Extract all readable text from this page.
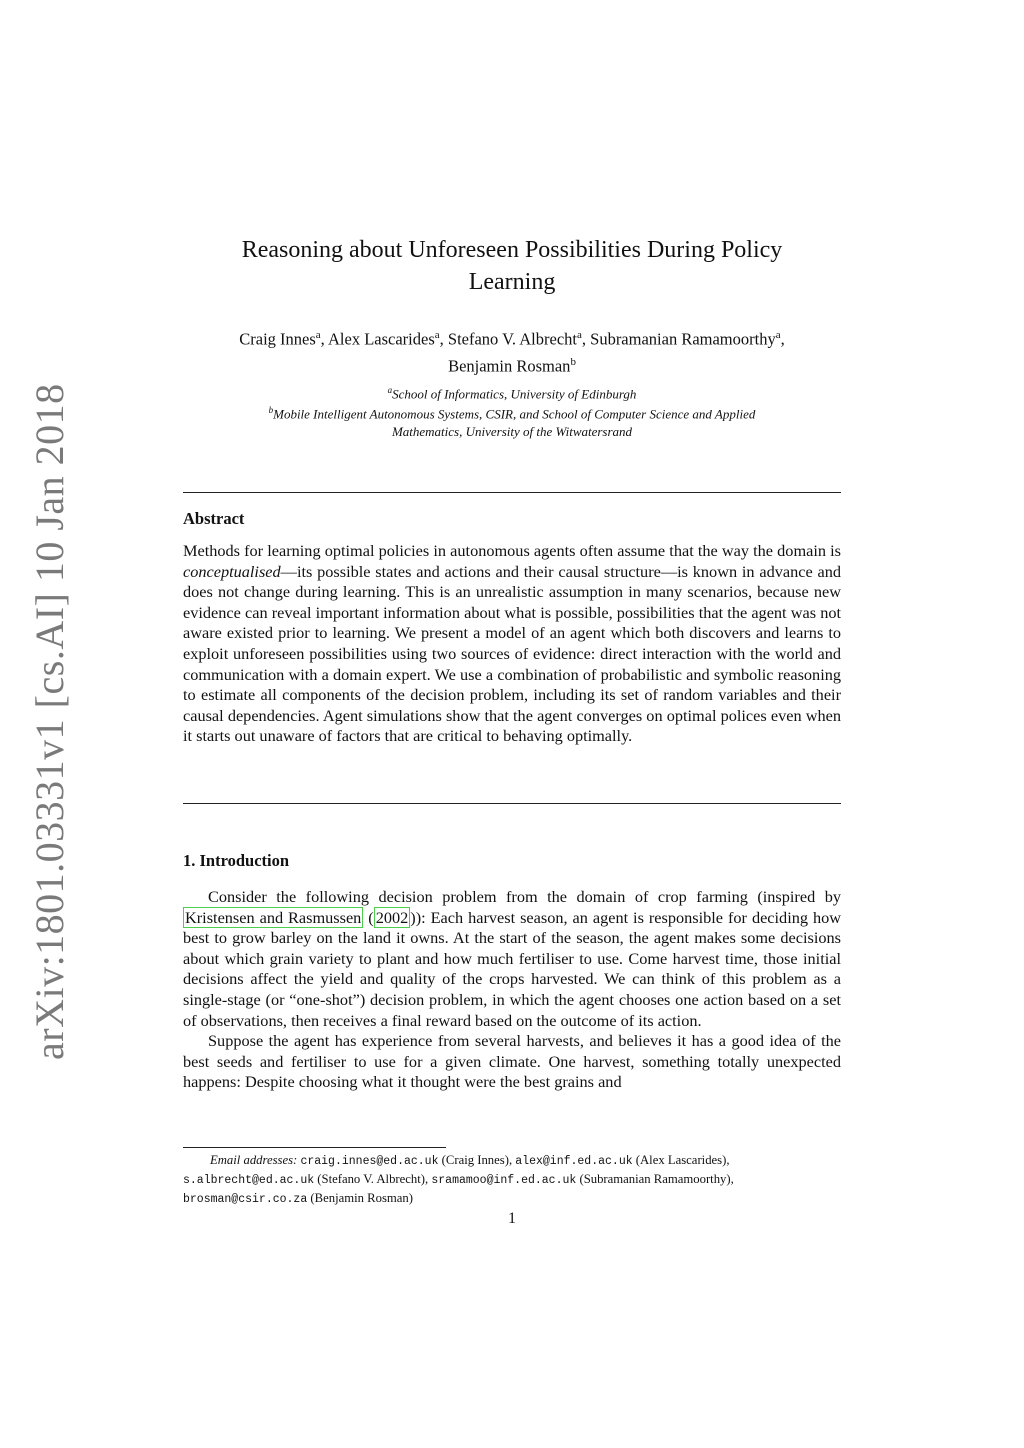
arXiv:1801.03331v1 [cs.AI] 10 Jan 2018
Reasoning about Unforeseen Possibilities During Policy
Learning
Craig Innes$^a$, Alex Lascarides$^a$, Stefano V. Albrecht$^a$, Subramanian Ramamoorthy$^a$,
Benjamin Rosman$^b$
$^a$School of Informatics, University of Edinburgh
$^b$Mobile Intelligent Autonomous Systems, CSIR, and School of Computer Science and Applied
Mathematics, University of the Witwatersrand
Abstract
Methods for learning optimal policies in autonomous agents often assume that the way the domain is conceptualised—its possible states and actions and their causal structure—is known in advance and does not change during learning. This is an unrealistic assumption in many scenarios, because new evidence can reveal important information about what is possible, possibilities that the agent was not aware existed prior to learning. We present a model of an agent which both discovers and learns to exploit unforeseen possibilities using two sources of evidence: direct interaction with the world and communication with a domain expert. We use a combination of probabilistic and symbolic reasoning to estimate all components of the decision problem, including its set of random variables and their causal dependencies. Agent simulations show that the agent converges on optimal polices even when it starts out unaware of factors that are critical to behaving optimally.
1. Introduction

Consider the following decision problem from the domain of crop farming (inspired by Kristensen and Rasmussen ( 2002 )): Each harvest season, an agent is responsible for deciding how best to grow barley on the land it owns. At the start of the season, the agent makes some decisions about which grain variety to plant and how much fertiliser to use. Come harvest time, those initial decisions affect the yield and quality of the crops harvested. We can think of this problem as a single-stage (or “one-shot”) decision problem, in which the agent chooses one action based on a set of observations, then receives a final reward based on the outcome of its action.

Suppose the agent has experience from several harvests, and believes it has a good idea of the best seeds and fertiliser to use for a given climate. One harvest, something totally unexpected happens: Despite choosing what it thought were the best grains and

Email addresses: craig.innes@ed.ac.uk (Craig Innes), alex@inf.ed.ac.uk (Alex Lascarides), s.albrecht@ed.ac.uk (Stefano V. Albrecht), sramamoo@inf.ed.ac.uk (Subramanian Ramamoorthy), brosman@csir.co.za (Benjamin Rosman)
1
